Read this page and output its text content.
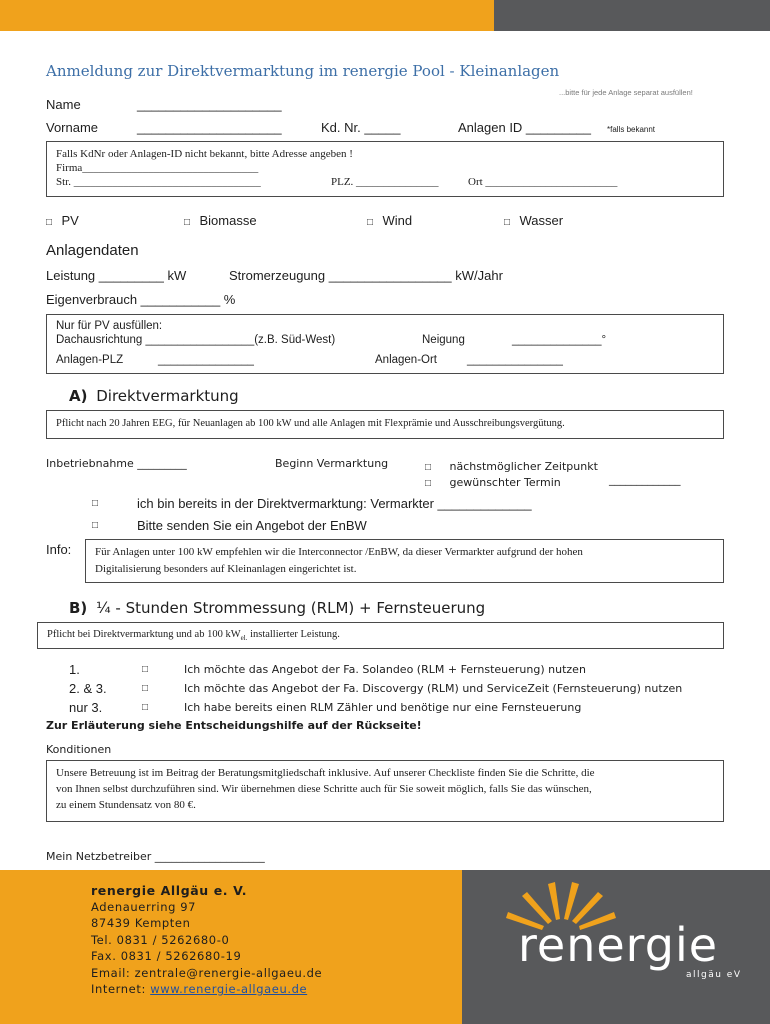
Anmeldung zur Direktvermarktung im renergie Pool - Kleinanlagen
...bitte für jede Anlage separat ausfüllen!
Name	____________________
Vorname	____________________	Kd. Nr. _____	Anlagen ID _________ *falls bekannt
Falls KdNr oder Anlagen-ID nicht bekannt, bitte Adresse angeben !
Firma________________________________
Str. __________________________________	PLZ. _______________	Ort ________________________
□ PV	□ Biomasse	□ Wind	□ Wasser
Anlagendaten
Leistung _________ kW	Stromerzeugung _________________ kW/Jahr
Eigenverbrauch ___________ %
Nur für PV ausfüllen:
Dachausrichtung _________________(z.B. Süd-West)	Neigung	______________°
Anlagen-PLZ	_______________	Anlagen-Ort	_______________
A) Direktvermarktung
Pflicht nach 20 Jahren EEG, für Neuanlagen ab 100 kW und alle Anlagen mit Flexprämie und Ausschreibungsvergütung.
Inbetriebnahme _________	Beginn Vermarktung	□ nächstmöglicher Zeitpunkt
□ gewünschter Termin	_____________
□	ich bin bereits in der Direktvermarktung: Vermarkter _____________
□	Bitte senden Sie ein Angebot der EnBW
Info: Für Anlagen unter 100 kW empfehlen wir die Interconnector /EnBW, da dieser Vermarkter aufgrund der hohen
Digitalisierung besonders auf Kleinanlagen eingerichtet ist.
B) ¼ - Stunden Strommessung (RLM) + Fernsteuerung
Pflicht bei Direktvermarktung und ab 100 $kW_{el.}$ installierter Leistung.
1.	□	Ich möchte das Angebot der Fa. Solandeo (RLM + Fernsteuerung) nutzen
2. & 3.	□	Ich möchte das Angebot der Fa. Discovergy (RLM) und ServiceZeit (Fernsteuerung) nutzen
nur 3.	□	Ich habe bereits einen RLM Zähler und benötige nur eine Fernsteuerung
Zur Erläuterung siehe Entscheidungshilfe auf der Rückseite!
Konditionen
Unsere Betreuung ist im Beitrag der Beratungsmitgliedschaft inklusive. Auf unserer Checkliste finden Sie die Schritte, die
von Ihnen selbst durchzuführen sind. Wir übernehmen diese Schritte auch für Sie soweit möglich, falls Sie das wünschen,
zu einem Stundensatz von 80 €.
Mein Netzbetreiber ____________________
renergie Allgäu e. V.
Adenauerring 97
87439 Kempten
Tel. 0831 / 5262680-0
Fax. 0831 / 5262680-19
Email: zentrale@renergie-allgaeu.de
Internet: www.renergie-allgaeu.de
renergie
allgäu eV
